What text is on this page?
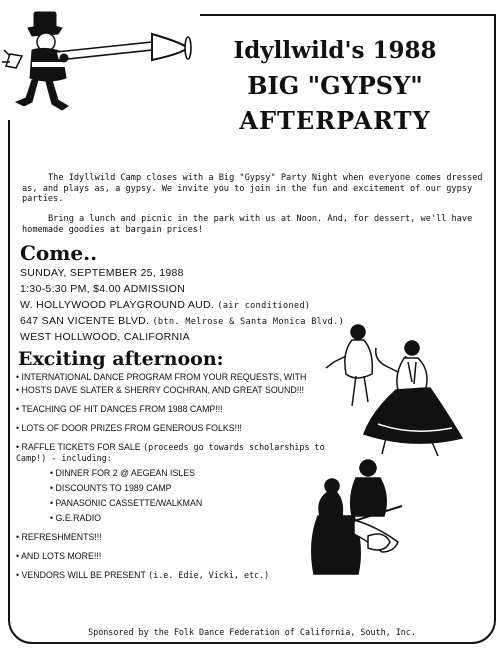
Idyllwild's 1988
BIG "GYPSY"
AFTERPARTY
The Idyllwild Camp closes with a Big "Gypsy" Party Night when everyone comes dressed as, and plays as, a gypsy. We invite you to join in the fun and excitement of our gypsy parties.
Bring a lunch and picnic in the park with us at Noon. And, for dessert, we'll have homemade goodies at bargain prices!
Come..
SUNDAY, SEPTEMBER 25, 1988
1:30-5:30 PM, $4.00 ADMISSION
W. HOLLYWOOD PLAYGROUND AUD. (air conditioned)
647 SAN VICENTE BLVD. (btn. Melrose & Santa Monica Blvd.)
WEST HOLLWOOD, CALIFORNIA
Exciting afternoon:
• INTERNATIONAL DANCE PROGRAM FROM YOUR REQUESTS, WITH
• HOSTS DAVE SLATER & SHERRY COCHRAN, AND GREAT SOUND!!!
• TEACHING OF HIT DANCES FROM 1988 CAMP!!!
• LOTS OF DOOR PRIZES FROM GENEROUS FOLKS!!!
• RAFFLE TICKETS FOR SALE (proceeds go towards scholarships to Camp!) - including:
• DINNER FOR 2 @ AEGEAN ISLES
• DISCOUNTS TO 1989 CAMP
• PANASONIC CASSETTE/WALKMAN
• G.E.RADIO
• REFRESHMENTS!!!
• AND LOTS MORE!!!
• VENDORS WILL BE PRESENT (i.e. Edie, Vicki, etc.)
Sponsored by the Folk Dance Federation of California, South, Inc.
